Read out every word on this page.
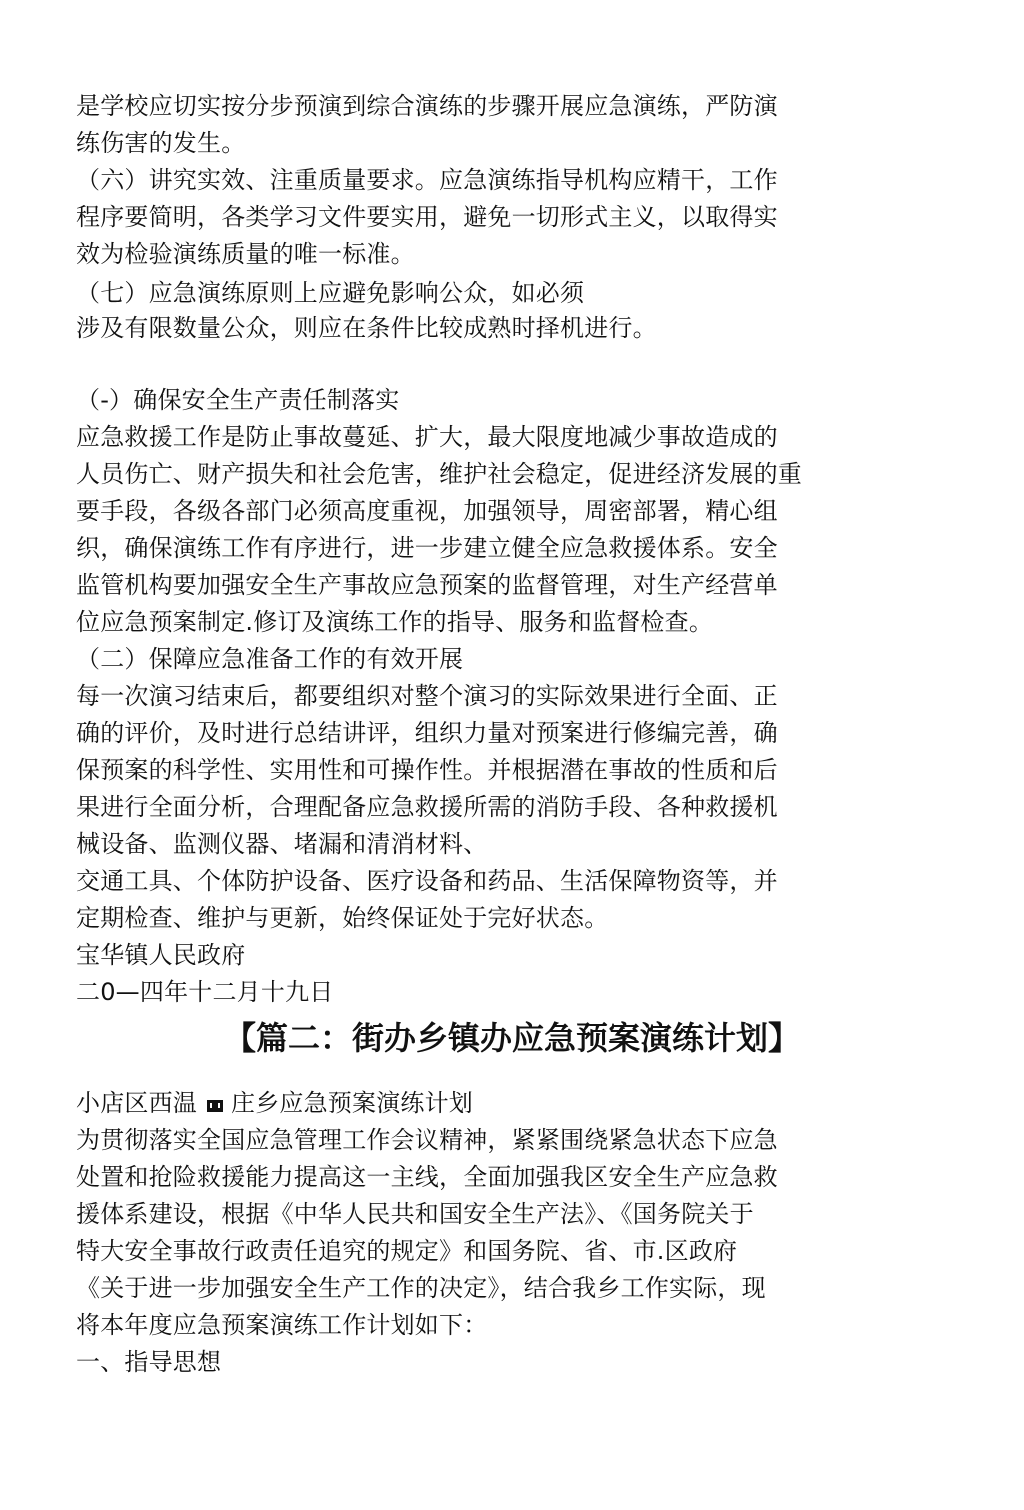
是学校应切实按分步预演到综合演练的步骤开展应急演练，严防演
练伤害的发生。
（六）讲究实效、注重质量要求。应急演练指导机构应精干，工作
程序要简明，各类学习文件要实用，避免一切形式主义，以取得实
效为检验演练质量的唯一标准。
（七）应急演练原则上应避免影响公众，如必须
涉及有限数量公众，则应在条件比较成熟时择机进行。
（-）确保安全生产责任制落实
应急救援工作是防止事故蔓延、扩大，最大限度地减少事故造成的
人员伤亡、财产损失和社会危害，维护社会稳定，促进经济发展的重
要手段，各级各部门必须高度重视，加强领导，周密部署，精心组
织，确保演练工作有序进行，进一步建立健全应急救援体系。安全
监管机构要加强安全生产事故应急预案的监督管理，对生产经营单
位应急预案制定.修订及演练工作的指导、服务和监督检查。
（二）保障应急准备工作的有效开展
每一次演习结束后，都要组织对整个演习的实际效果进行全面、正
确的评价，及时进行总结讲评，组织力量对预案进行修编完善，确
保预案的科学性、实用性和可操作性。并根据潜在事故的性质和后
果进行全面分析，合理配备应急救援所需的消防手段、各种救援机
械设备、监测仪器、堵漏和清消材料、
交通工具、个体防护设备、医疗设备和药品、生活保障物资等，并
定期检查、维护与更新，始终保证处于完好状态。
宝华镇人民政府
二0—四年十二月十九日
【篇二：街办乡镇办应急预案演练计划】
小店区西温 庄乡应急预案演练计划
为贯彻落实全国应急管理工作会议精神，紧紧围绕紧急状态下应急
处置和抢险救援能力提高这一主线，全面加强我区安全生产应急救
援体系建设，根据《中华人民共和国安全生产法》、《国务院关于
特大安全事故行政责任追究的规定》和国务院、省、市.区政府
《关于进一步加强安全生产工作的决定》，结合我乡工作实际，现
将本年度应急预案演练工作计划如下：
一、指导思想
